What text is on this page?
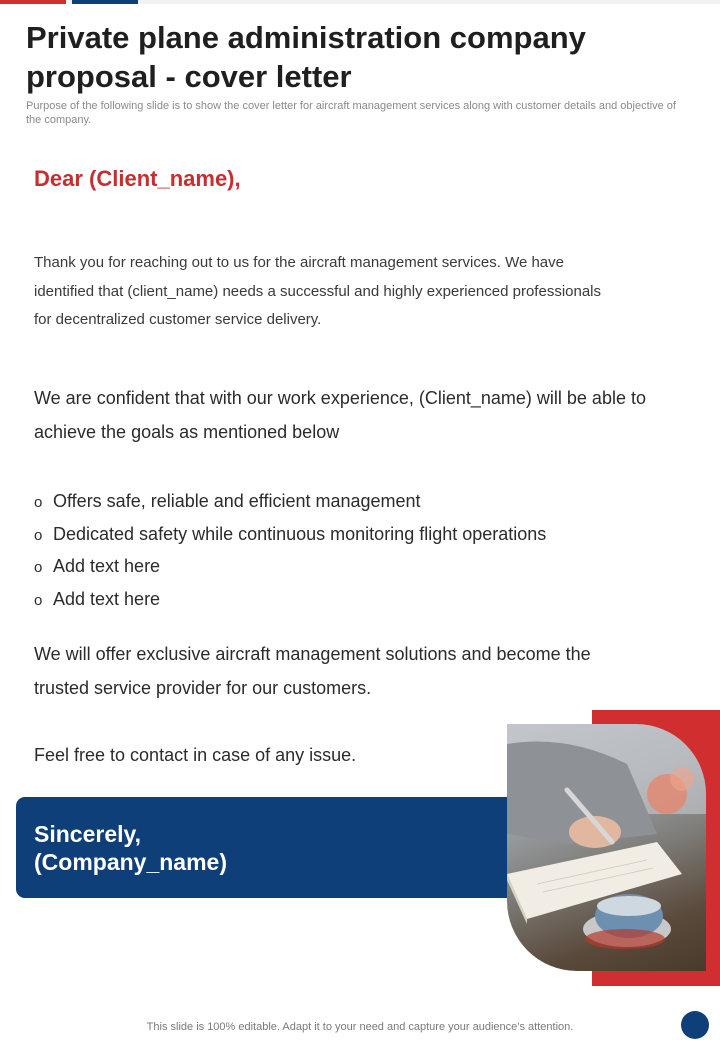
Private plane administration company proposal - cover letter

Purpose of the following slide is to show the cover letter for aircraft management services along with customer details and objective of the company.

Dear (Client_name),

Thank you for reaching out to us for the aircraft management services. We have identified that (client_name) needs a successful and highly experienced professionals for decentralized customer service delivery.

We are confident that with our work experience, (Client_name) will be able to achieve the goals as mentioned below

o Offers safe, reliable and efficient management
o Dedicated safety while continuous monitoring flight operations
o Add text here
o Add text here

We will offer exclusive aircraft management solutions and become the trusted service provider for our customers.

Feel free to contact in case of any issue.

Sincerely,
(Company_name)

This slide is 100% editable. Adapt it to your need and capture your audience’s attention.
